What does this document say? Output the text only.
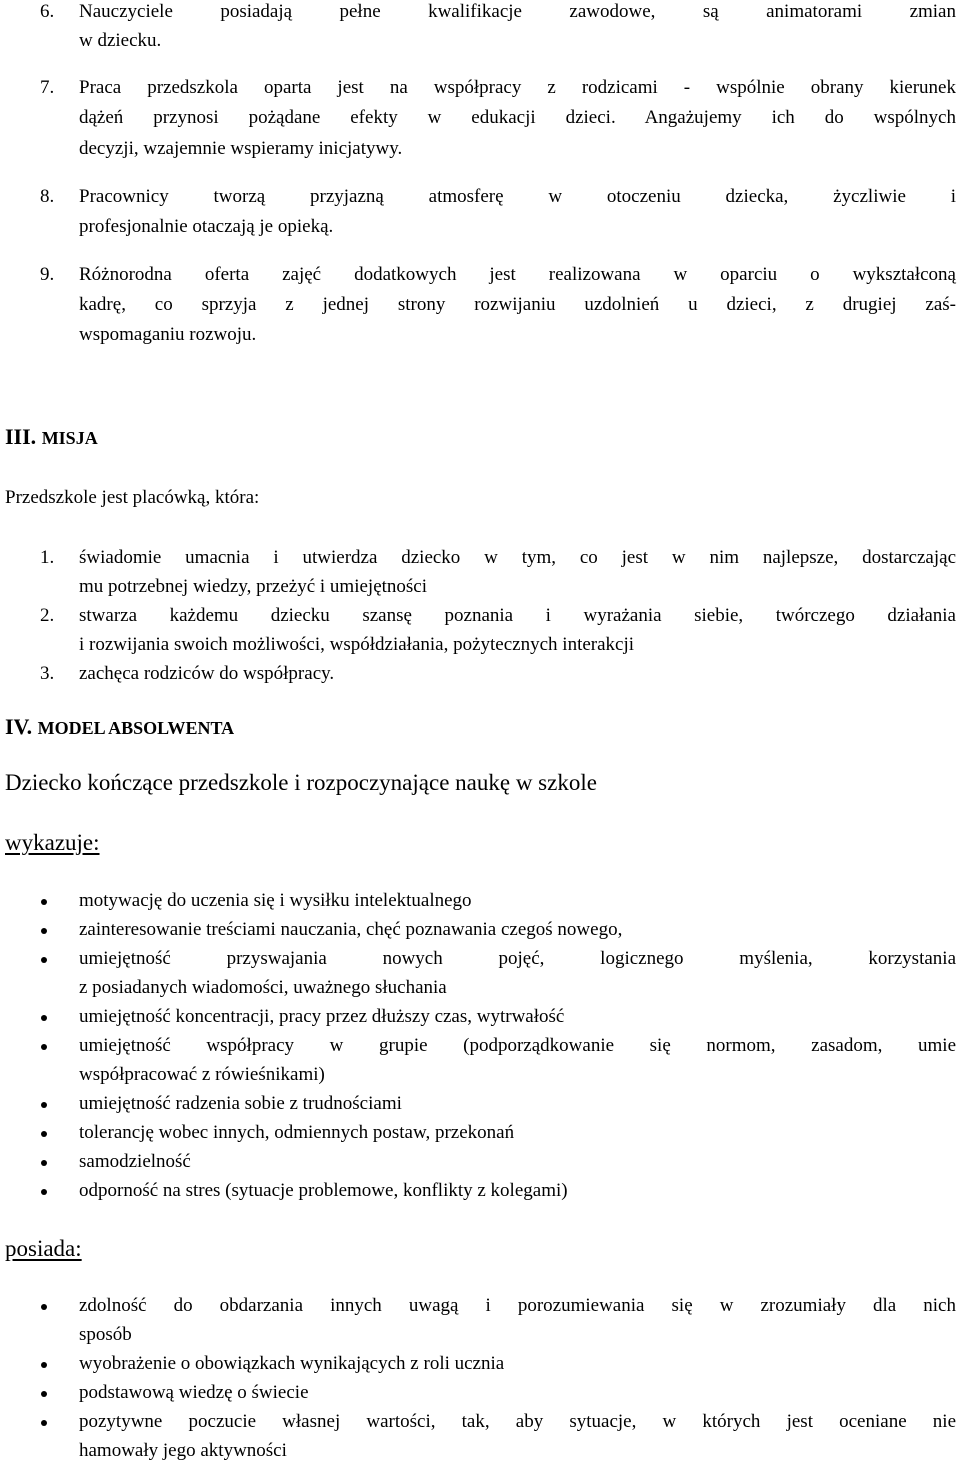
6. Nauczyciele posiadają pełne kwalifikacje zawodowe, są animatorami zmian
w dziecku.
7. Praca przedszkola oparta jest na współpracy z rodzicami - wspólnie obrany kierunek
dążeń przynosi pożądane efekty w edukacji dzieci. Angażujemy ich do wspólnych
decyzji, wzajemnie wspieramy inicjatywy.
8. Pracownicy tworzą przyjazną atmosferę w otoczeniu dziecka, życzliwie i
profesjonalnie otaczają je opieką.
9. Różnorodna oferta zajęć dodatkowych jest realizowana w oparciu o wykształconą
kadrę, co sprzyja z jednej strony rozwijaniu uzdolnień u dzieci, z drugiej zaś-
wspomaganiu rozwoju.
III. MISJA
Przedszkole jest placówką, która:
1. świadomie umacnia i utwierdza dziecko w tym, co jest w nim najlepsze, dostarczając
mu potrzebnej wiedzy, przeżyć i umiejętności
2. stwarza każdemu dziecku szansę poznania i wyrażania siebie, twórczego działania
i rozwijania swoich możliwości, współdziałania, pożytecznych interakcji
3. zachęca rodziców do współpracy.
IV. MODEL ABSOLWENTA
Dziecko kończące przedszkole i rozpoczynające naukę w szkole
wykazuje:
motywację do uczenia się i wysiłku intelektualnego
zainteresowanie treściami nauczania, chęć poznawania czegoś nowego,
umiejętność przyswajania nowych pojęć, logicznego myślenia, korzystania
z posiadanych wiadomości, uważnego słuchania
umiejętność koncentracji, pracy przez dłuższy czas, wytrwałość
umiejętność współpracy w grupie (podporządkowanie się normom, zasadom, umie
współpracować z rówieśnikami)
umiejętność radzenia sobie z trudnościami
tolerancję wobec innych, odmiennych postaw, przekonań
samodzielność
odporność na stres (sytuacje problemowe, konflikty z kolegami)
posiada:
zdolność do obdarzania innych uwagą i porozumiewania się w zrozumiały dla nich
sposób
wyobrażenie o obowiązkach wynikających z roli ucznia
podstawową wiedzę o świecie
pozytywne poczucie własnej wartości, tak, aby sytuacje, w których jest oceniane nie
hamowały jego aktywności
